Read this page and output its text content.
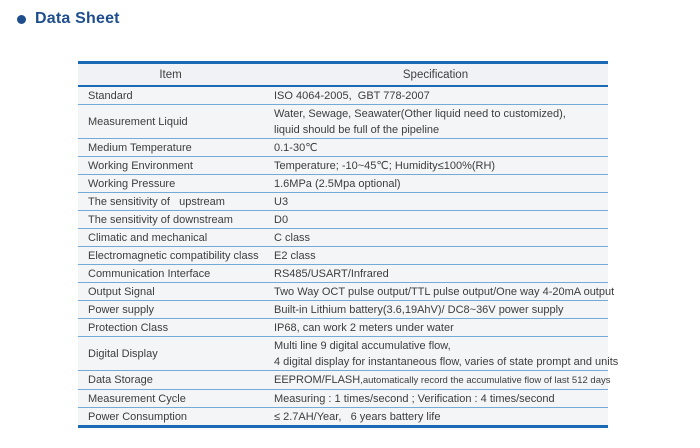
Data Sheet
Item	Specification
Standard	ISO 4064-2005,  GBT 778-2007

Measurement Liquid	Water, Sewage, Seawater(Other liquid need to customized),
liquid should be full of the pipeline

Medium Temperature	0.1-30℃

Working Environment	Temperature; -10~45℃; Humidity≤100%(RH)

Working Pressure	1.6MPa (2.5Mpa optional)

The sensitivity of   upstream	U3

The sensitivity of downstream	D0

Climatic and mechanical	C class

Electromagnetic compatibility class	E2 class

Communication Interface	RS485/USART/Infrared

Output Signal	Two Way OCT pulse output/TTL pulse output/One way 4-20mA output

Power supply	Built-in Lithium battery(3.6,19AhV)/ DC8~36V power supply

Protection Class	IP68, can work 2 meters under water

Digital Display	Multi line 9 digital accumulative flow,
4 digital display for instantaneous flow, varies of state prompt and units

Data Storage	EEPROM/FLASH,automatically record the accumulative flow of last 512 days

Measurement Cycle	Measuring : 1 times/second ; Verification : 4 times/second

Power Consumption	≤ 2.7AH/Year,   6 years battery life
